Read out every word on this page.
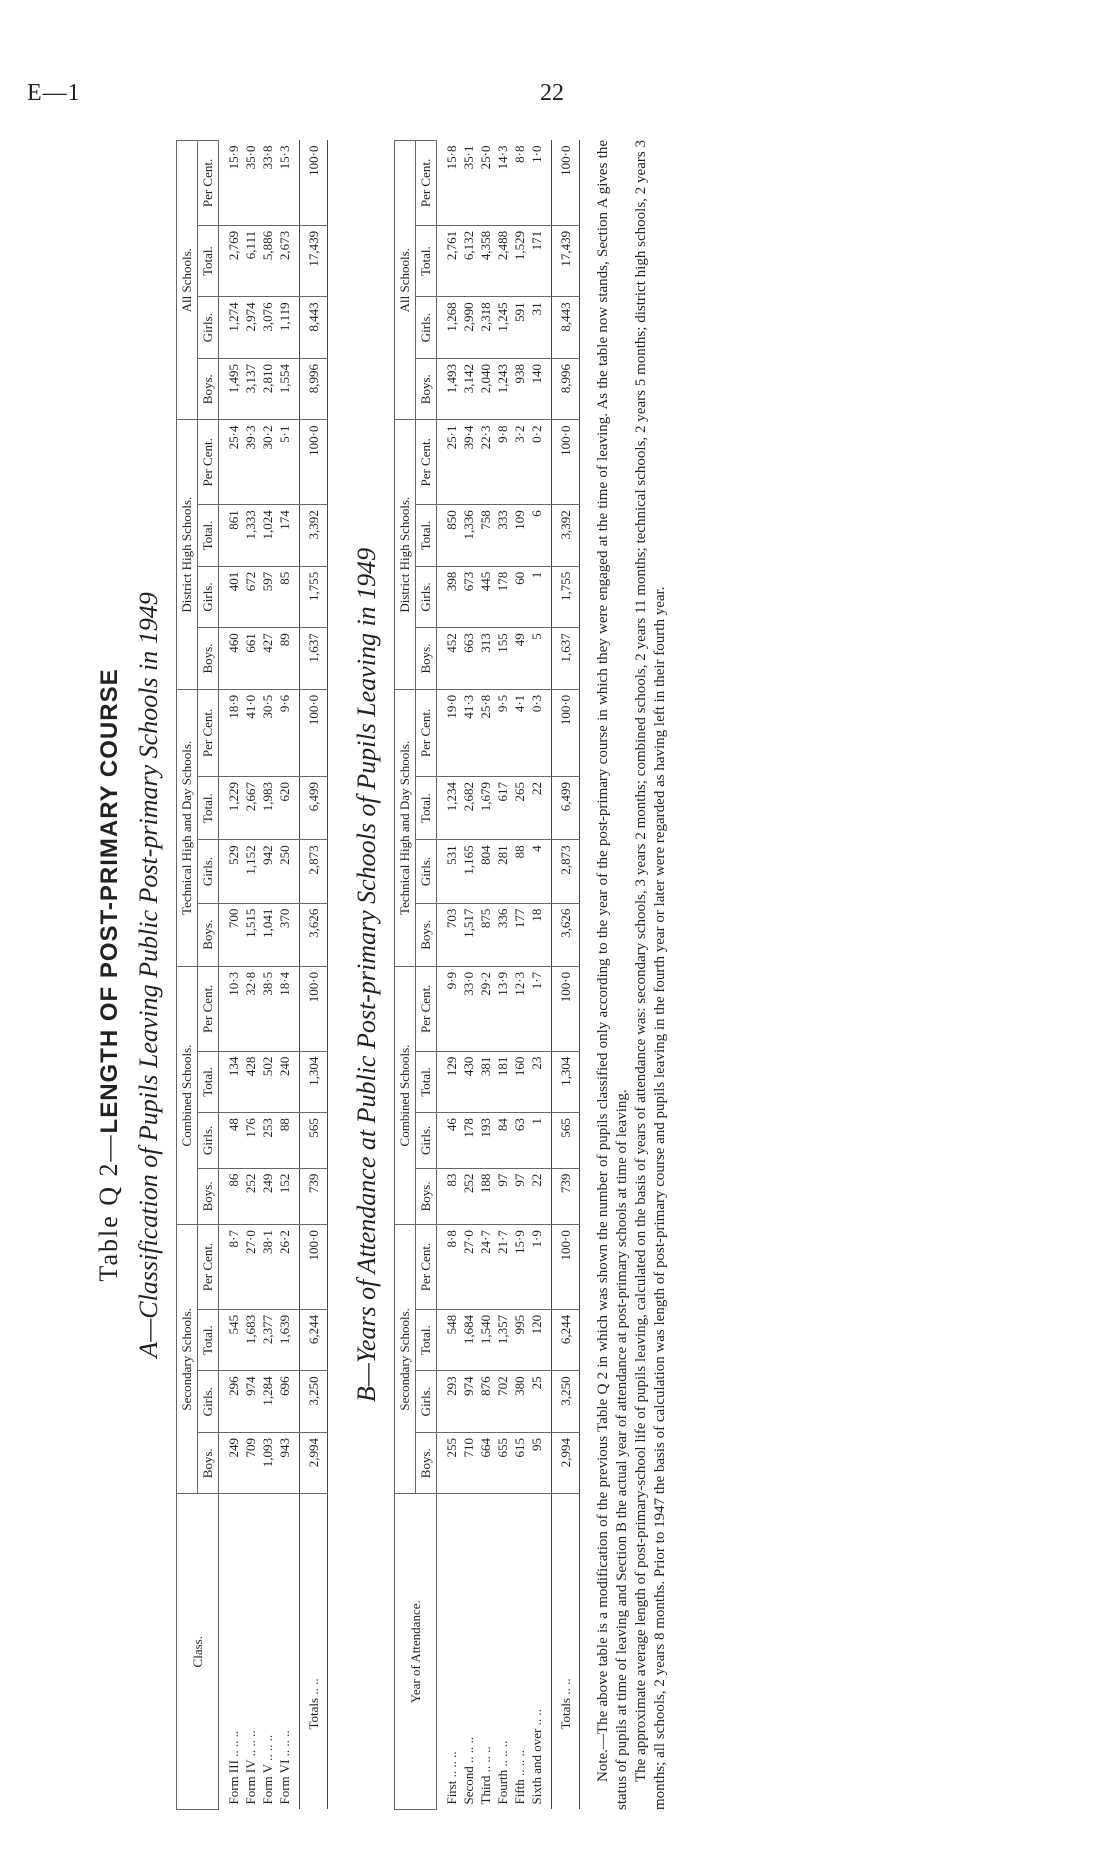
E—1	22
Table Q 2—LENGTH OF POST-PRIMARY COURSE A—Classification of Pupils Leaving Public Post-primary Schools in 1949
Class.	Secondary Schools.				Combined Schools.				Technical High and Day Schools.				District High Schools.				All Schools.			
	Boys.	Girls.	Total.	Per Cent.	Boys.	Girls.	Total.	Per Cent.	Boys.	Girls.	Total.	Per Cent.	Boys.	Girls.	Total.	Per Cent.	Boys.	Girls.	Total.	Per Cent.
Form III .. .. ..	249	296	545	8·7	86	48	134	10·3	700	529	1,229	18·9	460	401	861	25·4	1,495	1,274	2,769	15·9
Form IV .. .. ..	709	974	1,683	27·0	252	176	428	32·8	1,515	1,152	2,667	41·0	661	672	1,333	39·3	3,137	2,974	6,111	35·0
Form V .. .. ..	1,093	1,284	2,377	38·1	249	253	502	38·5	1,041	942	1,983	30·5	427	597	1,024	30·2	2,810	3,076	5,886	33·8
Form VI .. .. ..	943	696	1,639	26·2	152	88	240	18·4	370	250	620	9·6	89	85	174	5·1	1,554	1,119	2,673	15·3
Totals .. ..	2,994	3,250	6,244	100·0	739	565	1,304	100·0	3,626	2,873	6,499	100·0	1,637	1,755	3,392	100·0	8,996	8,443	17,439	100·0
B—Years of Attendance at Public Post-primary Schools of Pupils Leaving in 1949
Year of Attendance.	Secondary Schools.				Combined Schools.				Technical High and Day Schools.				District High Schools.				All Schools.			
	Boys.	Girls.	Total.	Per Cent.	Boys.	Girls.	Total.	Per Cent.	Boys.	Girls.	Total.	Per Cent.	Boys.	Girls.	Total.	Per Cent.	Boys.	Girls.	Total.	Per Cent.
First .. .. ..	255	293	548	8·8	83	46	129	9·9	703	531	1,234	19·0	452	398	850	25·1	1,493	1,268	2,761	15·8
Second .. .. ..	710	974	1,684	27·0	252	178	430	33·0	1,517	1,165	2,682	41·3	663	673	1,336	39·4	3,142	2,990	6,132	35·1
Third .. .. ..	664	876	1,540	24·7	188	193	381	29·2	875	804	1,679	25·8	313	445	758	22·3	2,040	2,318	4,358	25·0
Fourth .. .. ..	655	702	1,357	21·7	97	84	181	13·9	336	281	617	9·5	155	178	333	9·8	1,243	1,245	2,488	14·3
Fifth .. .. ..	615	380	995	15·9	97	63	160	12·3	177	88	265	4·1	49	60	109	3·2	938	591	1,529	8·8
Sixth and over .. ..	95	25	120	1·9	22	1	23	1·7	18	4	22	0·3	5	1	6	0·2	140	31	171	1·0
Totals .. ..	2,994	3,250	6,244	100·0	739	565	1,304	100·0	3,626	2,873	6,499	100·0	1,637	1,755	3,392	100·0	8,996	8,443	17,439	100·0 Note.—The above table is a modification of the previous Table Q 2 in which was shown the number of pupils classified only according to the year of the post-primary course in which they were engaged at the time of leaving. As the table now stands, Section A gives the status of pupils at time of leaving and Section B the actual year of attendance at post-primary schools at time of leaving. The approximate average length of post-primary-school life of pupils leaving, calculated on the basis of years of attendance was: secondary schools, 3 years 2 months; combined schools, 2 years 11 months; technical schools, 2 years 5 months; district high schools, 2 years 3 months; all schools, 2 years 8 months. Prior to 1947 the basis of calculation was length of post-primary course and pupils leaving in the fourth year or later were regarded as having left in their fourth year.
